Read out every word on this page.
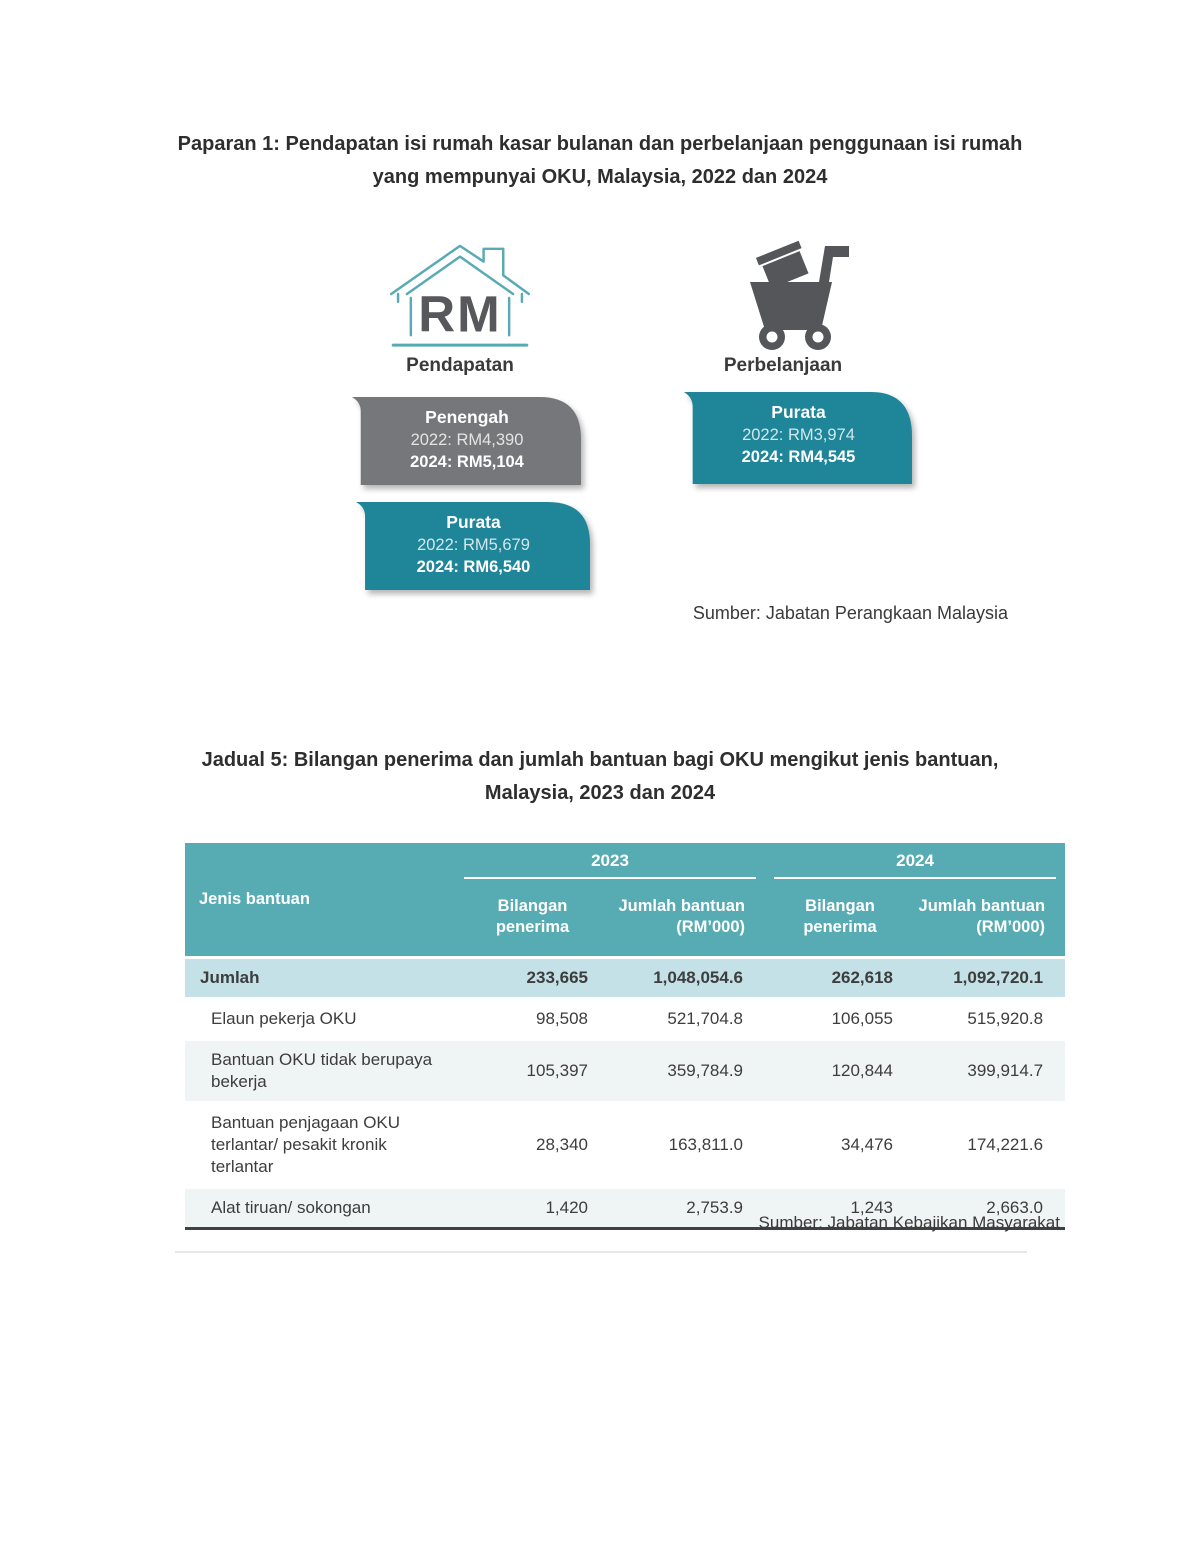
Paparan 1: Pendapatan isi rumah kasar bulanan dan perbelanjaan penggunaan isi rumah yang mempunyai OKU, Malaysia, 2022 dan 2024
RM
Pendapatan	Perbelanjaan
Penengah
2022: RM4,390
2024: RM5,104
Purata
2022: RM3,974
2024: RM4,545
Purata
2022: RM5,679
2024: RM6,540
Sumber: Jabatan Perangkaan Malaysia
Jadual 5: Bilangan penerima dan jumlah bantuan bagi OKU mengikut jenis bantuan, Malaysia, 2023 dan 2024
Jenis bantuan	2023		2024	

	Bilangan penerima	Jumlah bantuan (RM’000)	Bilangan penerima	Jumlah bantuan (RM’000)
Jumlah	233,665	1,048,054.6	262,618	1,092,720.1
Elaun pekerja OKU	98,508	521,704.8	106,055	515,920.8
Bantuan OKU tidak berupaya bekerja	105,397	359,784.9	120,844	399,914.7
Bantuan penjagaan OKU terlantar/ pesakit kronik terlantar	28,340	163,811.0	34,476	174,221.6
Alat tiruan/ sokongan	1,420	2,753.9	1,243	2,663.0
Sumber: Jabatan Kebajikan Masyarakat
